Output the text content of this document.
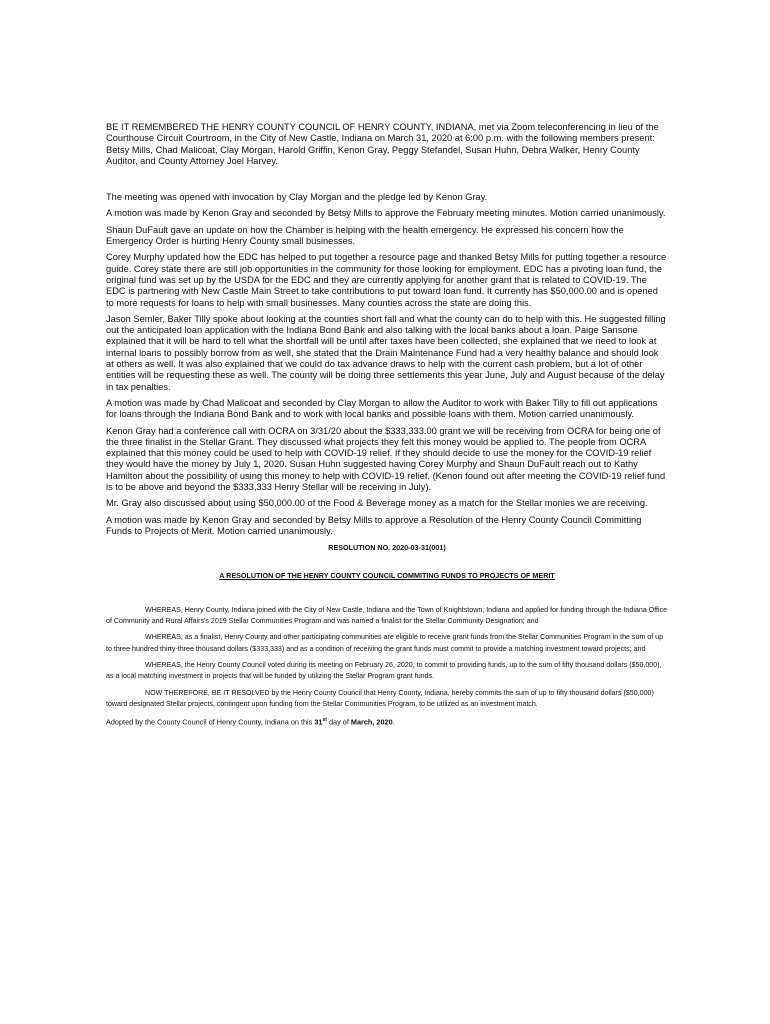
BE IT REMEMBERED THE HENRY COUNTY COUNCIL OF HENRY COUNTY, INDIANA, met via Zoom teleconferencing in lieu of the Courthouse Circuit Courtroom, in the City of New Castle, Indiana on March 31, 2020 at 6:00 p.m. with the following members present: Betsy Mills, Chad Malicoat, Clay Morgan, Harold Griffin, Kenon Gray, Peggy Stefandel, Susan Huhn, Debra Walker, Henry County Auditor, and County Attorney Joel Harvey.

The meeting was opened with invocation by Clay Morgan and the pledge led by Kenon Gray.

A motion was made by Kenon Gray and seconded by Betsy Mills to approve the February meeting minutes. Motion carried unanimously.

Shaun DuFault gave an update on how the Chamber is helping with the health emergency. He expressed his concern how the Emergency Order is hurting Henry County small businesses.

Corey Murphy updated how the EDC has helped to put together a resource page and thanked Betsy Mills for putting together a resource guide. Corey state there are still job opportunities in the community for those looking for employment. EDC has a pivoting loan fund, the original fund was set up by the USDA for the EDC and they are currently applying for another grant that is related to COVID-19. The EDC is partnering with New Castle Main Street to take contributions to put toward loan fund. It currently has $50,000.00 and is opened to more requests for loans to help with small businesses. Many counties across the state are doing this.

Jason Semler, Baker Tilly spoke about looking at the counties short fall and what the county can do to help with this. He suggested filling out the anticipated loan application with the Indiana Bond Bank and also talking with the local banks about a loan. Paige Sansone explained that it will be hard to tell what the shortfall will be until after taxes have been collected, she explained that we need to look at internal loans to possibly borrow from as well, she stated that the Drain Maintenance Fund had a very healthy balance and should look at others as well. It was also explained that we could do tax advance draws to help with the current cash problem, but a lot of other entities will be requesting these as well. The county will be doing three settlements this year June, July and August because of the delay in tax penalties.

A motion was made by Chad Malicoat and seconded by Clay Morgan to allow the Auditor to work with Baker Tilly to fill out applications for loans through the Indiana Bond Bank and to work with local banks and possible loans with them. Motion carried unanimously.

Kenon Gray had a conference call with OCRA on 3/31/20 about the $333,333.00 grant we will be receiving from OCRA for being one of the three finalist in the Stellar Grant. They discussed what projects they felt this money would be applied to. The people from OCRA explained that this money could be used to help with COVID-19 relief. If they should decide to use the money for the COVID-19 relief they would have the money by July 1, 2020. Susan Huhn suggested having Corey Murphy and Shaun DuFault reach out to Kathy Hamilton about the possibility of using this money to help with COVID-19 relief. (Kenon found out after meeting the COVID-19 relief fund is to be above and beyond the $333,333 Henry Stellar will be receiving in July).

Mr. Gray also discussed about using $50,000.00 of the Food & Beverage money as a match for the Stellar monies we are receiving.

A motion was made by Kenon Gray and seconded by Betsy Mills to approve a Resolution of the Henry County Council Committing Funds to Projects of Merit. Motion carried unanimously.

RESOLUTION NO. 2020-03-31(001)
A RESOLUTION OF THE HENRY COUNTY COUNCIL COMMITING FUNDS TO PROJECTS OF MERIT

WHEREAS, Henry County, Indiana joined with the City of New Castle, Indiana and the Town of Knightstown, Indiana and applied for funding through the Indiana Office of Community and Rural Affairs's 2019 Stellar Communities Program and was named a finalist for the Stellar Community Designation; and

WHEREAS, as a finalist, Henry County and other participating communities are eligible to receive grant funds from the Stellar Communities Program in the sum of up to three hundred thirty-three thousand dollars ($333,333) and as a condition of receiving the grant funds must commit to provide a matching investment toward projects; and

WHEREAS, the Henry County Council voted during its meeting on February 26, 2020, to commit to providing funds, up to the sum of fifty thousand dollars ($50,000), as a local matching investment in projects that will be funded by utilizing the Stellar Program grant funds.

NOW THEREFORE, BE IT RESOLVED by the Henry County Council that Henry County, Indiana, hereby commits the sum of up to fifty thousand dollars ($50,000) toward designated Stellar projects, contingent upon funding from the Stellar Communities Program, to be utilized as an investment match.

Adopted by the County Council of Henry County, Indiana on this 31st day of March, 2020.
